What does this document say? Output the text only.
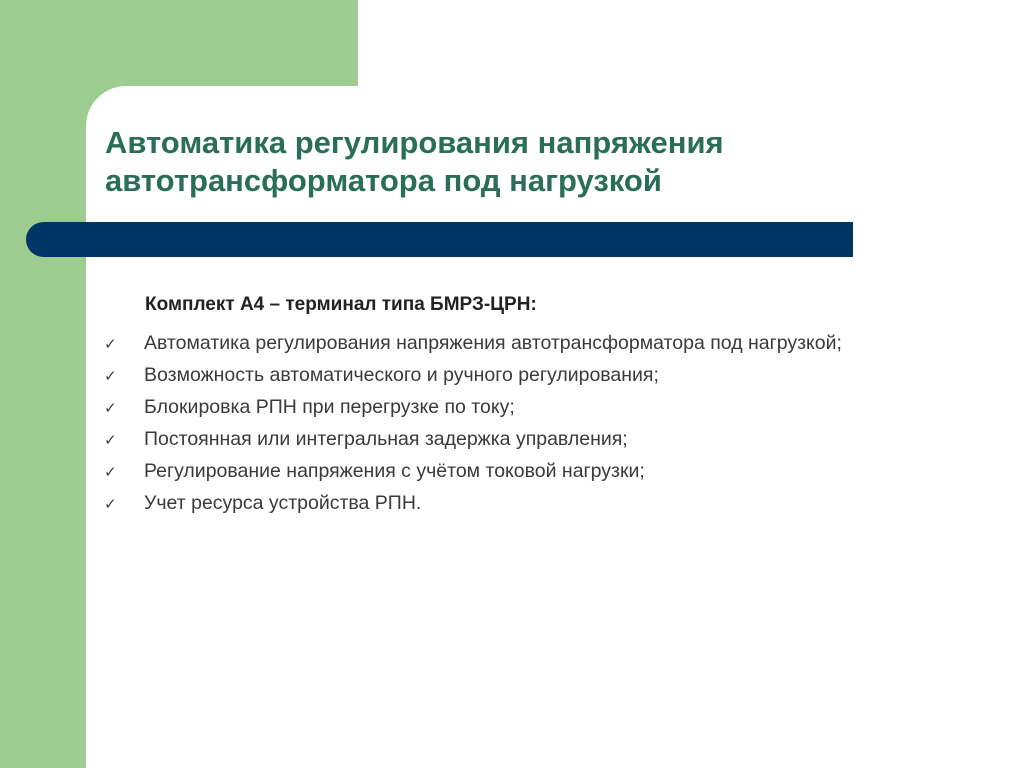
Автоматика регулирования напряжения
автотрансформатора под нагрузкой
Комплект А4 – терминал типа БМРЗ-ЦРН:
✓ Автоматика регулирования напряжения автотрансформатора под нагрузкой;
✓ Возможность автоматического и ручного регулирования;
✓ Блокировка РПН при перегрузке по току;
✓ Постоянная или интегральная задержка управления;
✓ Регулирование напряжения с учётом токовой нагрузки;
✓ Учет ресурса устройства РПН.
